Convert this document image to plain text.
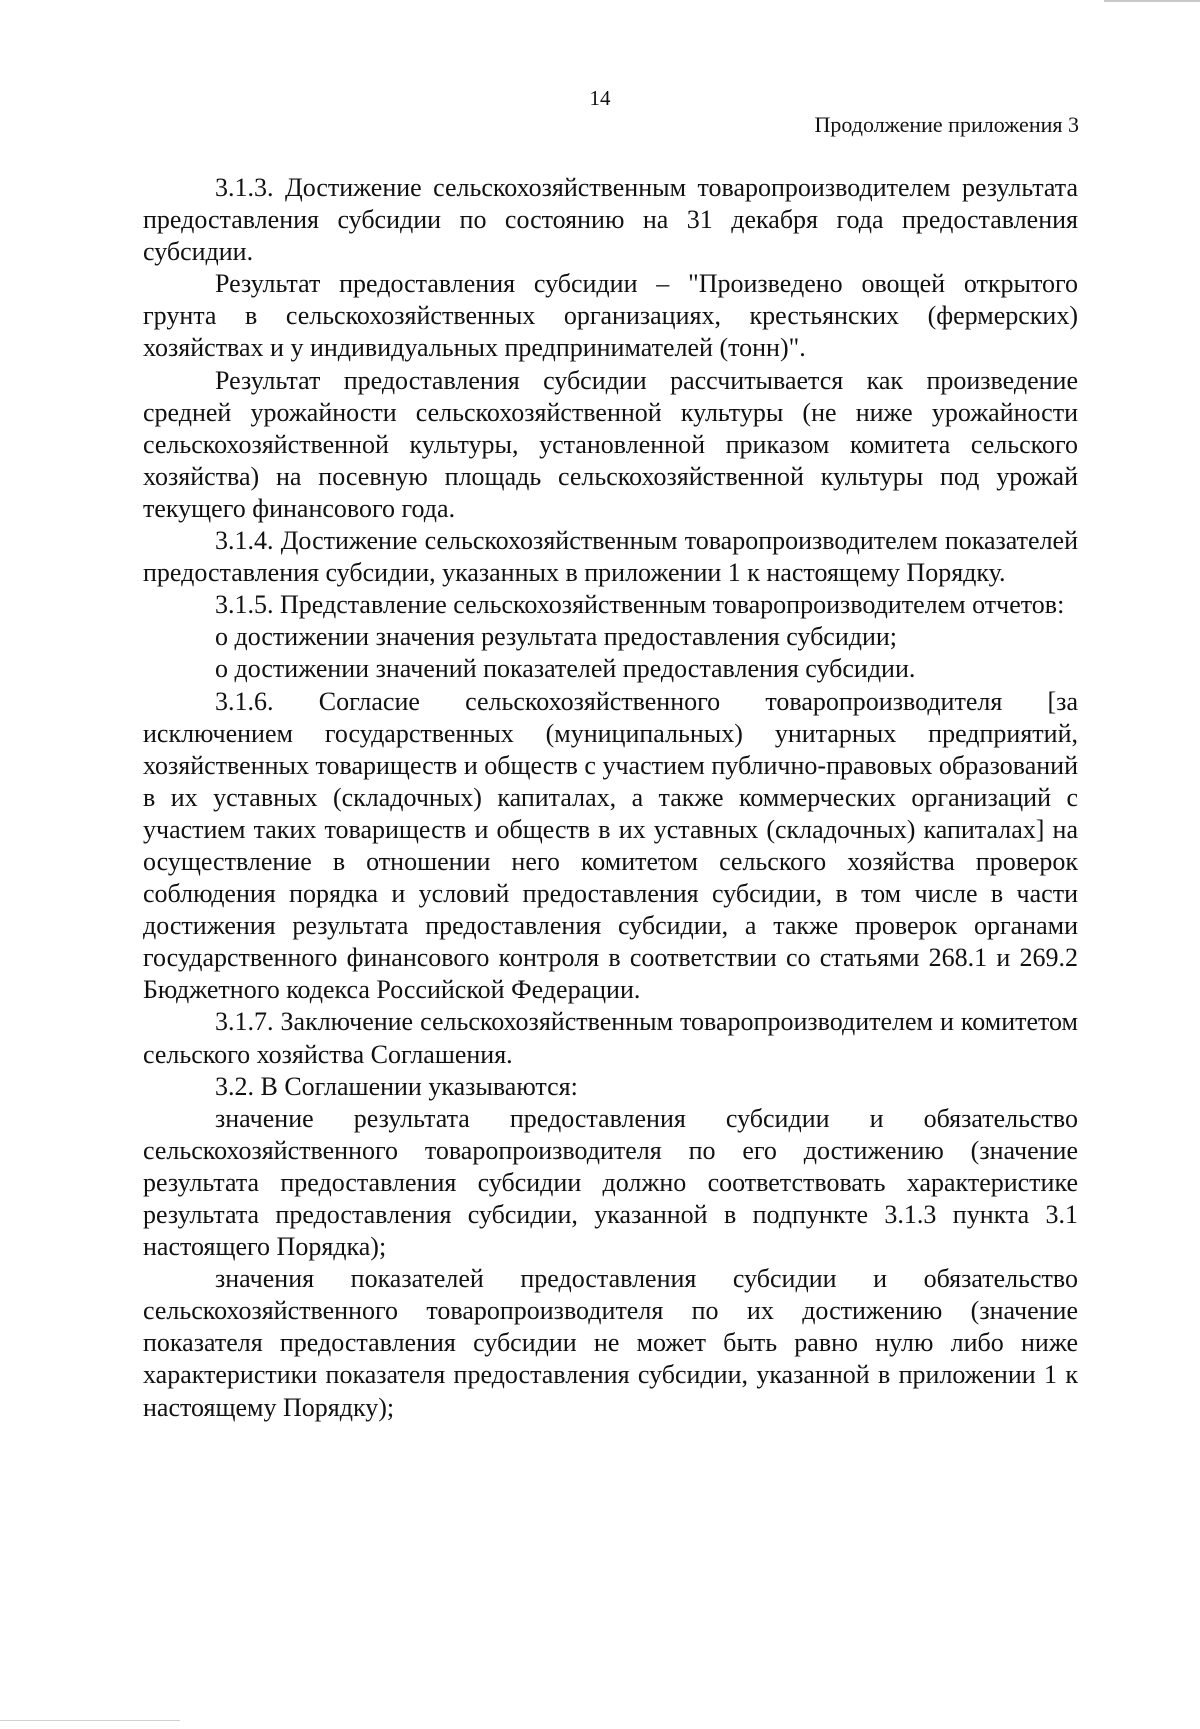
14
Продолжение приложения 3

3.1.3. Достижение сельскохозяйственным товаропроизводителем результата предоставления субсидии по состоянию на 31 декабря года предоставления субсидии.

Результат предоставления субсидии – "Произведено овощей открытого грунта в сельскохозяйственных организациях, крестьянских (фермерских) хозяйствах и у индивидуальных предпринимателей (тонн)".

Результат предоставления субсидии рассчитывается как произведение средней урожайности сельскохозяйственной культуры (не ниже урожайности сельскохозяйственной культуры, установленной приказом комитета сельского хозяйства) на посевную площадь сельскохозяйственной культуры под урожай текущего финансового года.

3.1.4. Достижение сельскохозяйственным товаропроизводителем показателей предоставления субсидии, указанных в приложении 1 к настоящему Порядку.

3.1.5. Представление сельскохозяйственным товаропроизводителем отчетов:

о достижении значения результата предоставления субсидии;

о достижении значений показателей предоставления субсидии.

3.1.6. Согласие сельскохозяйственного товаропроизводителя [за исключением государственных (муниципальных) унитарных предприятий, хозяйственных товариществ и обществ с участием публично-правовых образований в их уставных (складочных) капиталах, а также коммерческих организаций с участием таких товариществ и обществ в их уставных (складочных) капиталах] на осуществление в отношении него комитетом сельского хозяйства проверок соблюдения порядка и условий предоставления субсидии, в том числе в части достижения результата предоставления субсидии, а также проверок органами государственного финансового контроля в соответствии со статьями 268.1 и 269.2 Бюджетного кодекса Российской Федерации.

3.1.7. Заключение сельскохозяйственным товаропроизводителем и комитетом сельского хозяйства Соглашения.

3.2. В Соглашении указываются:

значение результата предоставления субсидии и обязательство сельскохозяйственного товаропроизводителя по его достижению (значение результата предоставления субсидии должно соответствовать характеристике результата предоставления субсидии, указанной в подпункте 3.1.3 пункта 3.1 настоящего Порядка);

значения показателей предоставления субсидии и обязательство сельскохозяйственного товаропроизводителя по их достижению (значение показателя предоставления субсидии не может быть равно нулю либо ниже характеристики показателя предоставления субсидии, указанной в приложении 1 к настоящему Порядку);
